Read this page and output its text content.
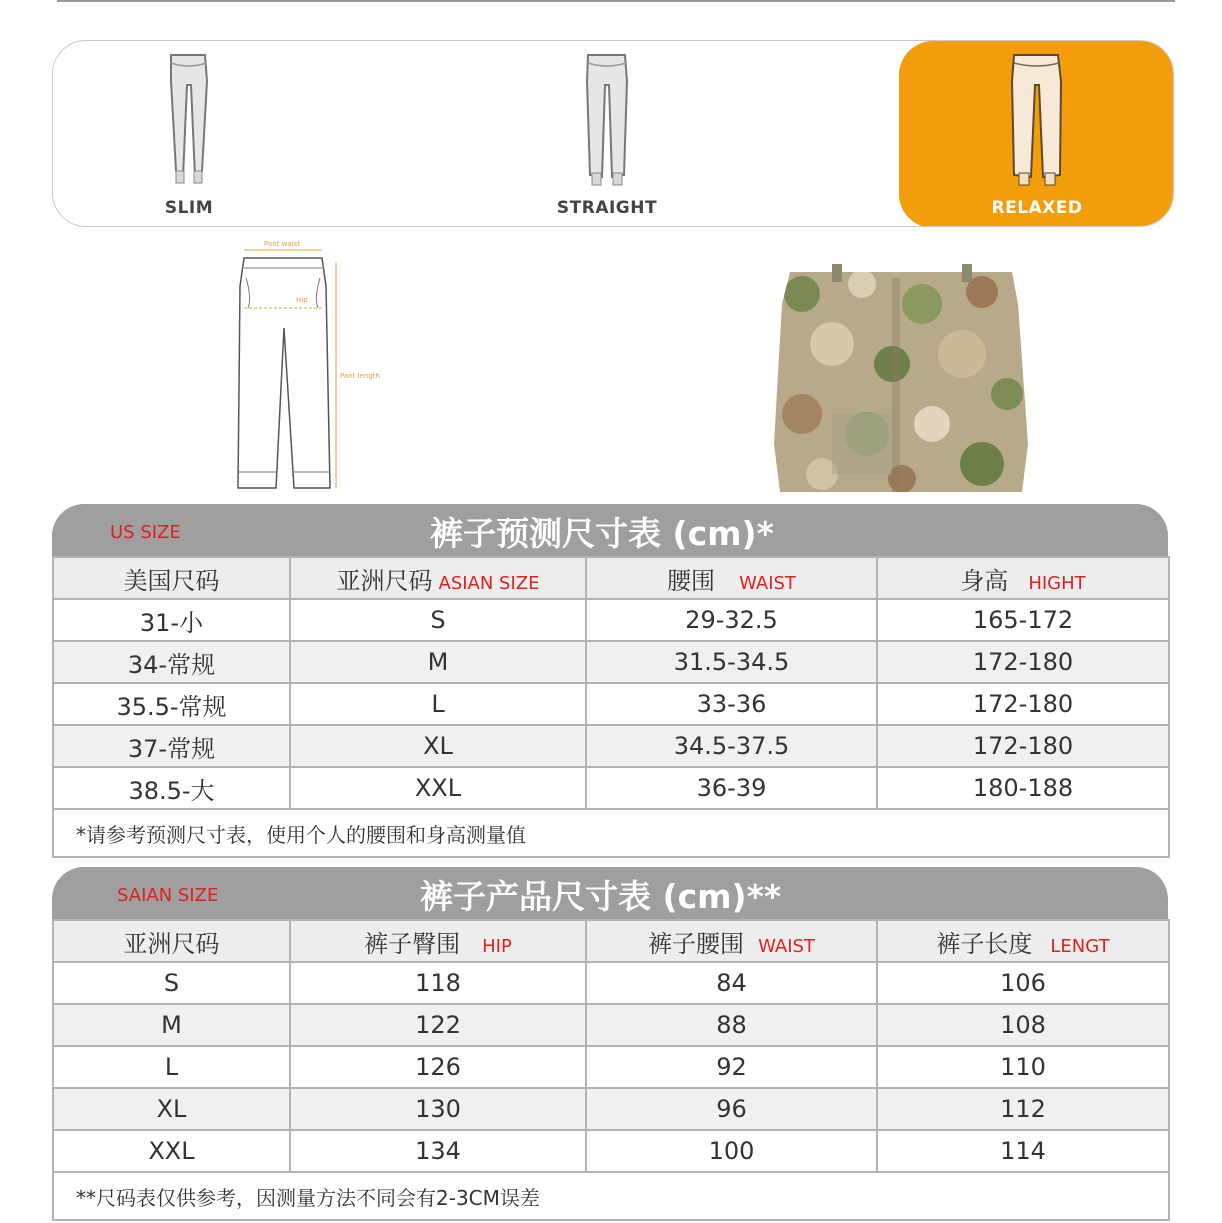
SLIM	STRAIGHT	RELAXED
Pant waist
Hip
Pant length
US SIZE	裤子预测尺寸表 (cm)*
美国尺码	亚洲尺码 ASIAN SIZE	腰围 WAIST	身高 HIGHT
31-小	S	29-32.5	165-172
34-常规	M	31.5-34.5	172-180
35.5-常规	L	33-36	172-180
37-常规	XL	34.5-37.5	172-180
38.5-大	XXL	36-39	180-188
*请参考预测尺寸表，使用个人的腰围和身高测量值			
SAIAN SIZE	裤子产品尺寸表 (cm)**
亚洲尺码	裤子臀围 HIP	裤子腰围 WAIST	裤子长度 LENGT
S	118	84	106
M	122	88	108
L	126	92	110
XL	130	96	112
XXL	134	100	114
**尺码表仅供参考，因测量方法不同会有2-3CM误差			
